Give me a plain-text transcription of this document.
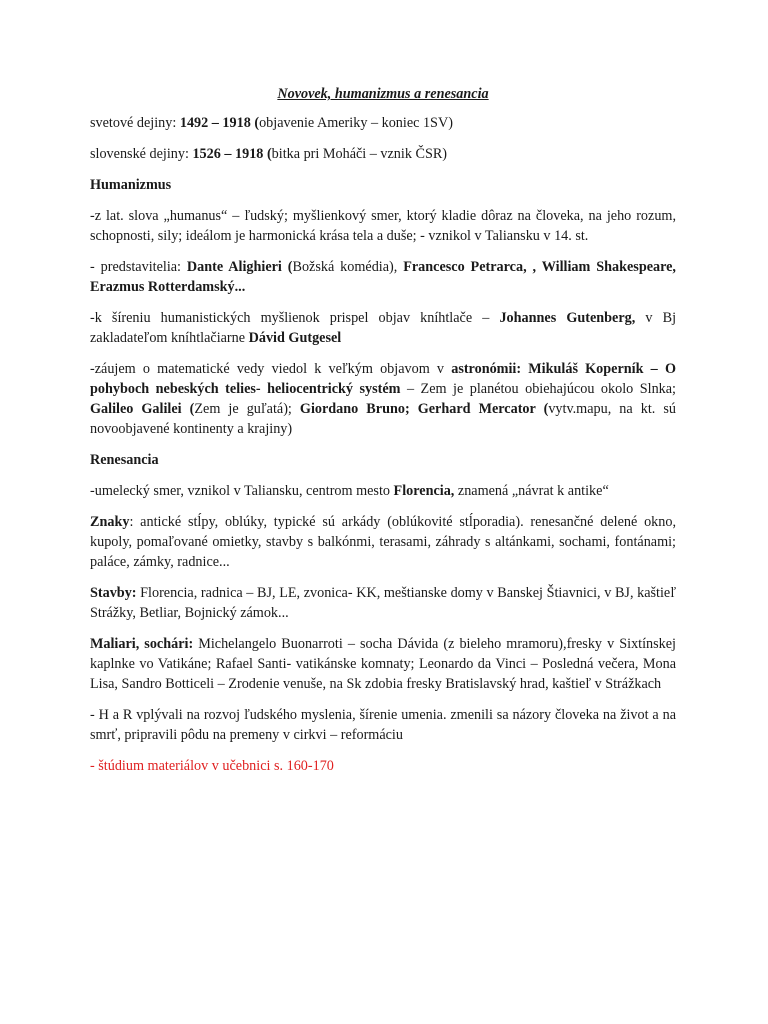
Novovek, humanizmus a renesancia

svetové dejiny: 1492 – 1918 (objavenie Ameriky – koniec 1SV)

slovenské dejiny: 1526 – 1918 (bitka pri Moháči – vznik ČSR)

Humanizmus

-z lat. slova „humanus“ – ľudský; myšlienkový smer, ktorý kladie dôraz na človeka, na jeho rozum, schopnosti, sily; ideálom je harmonická krása tela a duše; - vznikol v Taliansku v 14. st.

- predstavitelia: Dante Alighieri (Božská komédia), Francesco Petrarca, , William Shakespeare, Erazmus Rotterdamský...

-k šíreniu humanistických myšlienok prispel objav kníhtlače – Johannes Gutenberg, v Bj zakladateľom kníhtlačiarne Dávid Gutgesel

-záujem o matematické vedy viedol k veľkým objavom v astronómii: Mikuláš Koperník – O pohyboch nebeských telies- heliocentrický systém – Zem je planétou obiehajúcou okolo Slnka; Galileo Galilei (Zem je guľatá); Giordano Bruno; Gerhard Mercator (vytv.mapu, na kt. sú novoobjavené kontinenty a krajiny)

Renesancia

-umelecký smer, vznikol v Taliansku, centrom mesto Florencia, znamená „návrat k antike“

Znaky: antické stĺpy, oblúky, typické sú arkády (oblúkovité stĺporadia). renesančné delené okno, kupoly, pomaľované omietky, stavby s balkónmi, terasami, záhrady s altánkami, sochami, fontánami; paláce, zámky, radnice...

Stavby: Florencia, radnica – BJ, LE, zvonica- KK, meštianske domy v Banskej Štiavnici, v BJ, kaštieľ Strážky, Betliar, Bojnický zámok...

Maliari, sochári: Michelangelo Buonarroti – socha Dávida (z bieleho mramoru),fresky v Sixtínskej kaplnke vo Vatikáne; Rafael Santi- vatikánske komnaty; Leonardo da Vinci – Posledná večera, Mona Lisa, Sandro Botticeli – Zrodenie venuše, na Sk zdobia fresky Bratislavský hrad, kaštieľ v Strážkach

- H a R vplývali na rozvoj ľudského myslenia, šírenie umenia. zmenili sa názory človeka na život a na smrť, pripravili pôdu na premeny v cirkvi – reformáciu

- štúdium materiálov v učebnici s. 160-170
